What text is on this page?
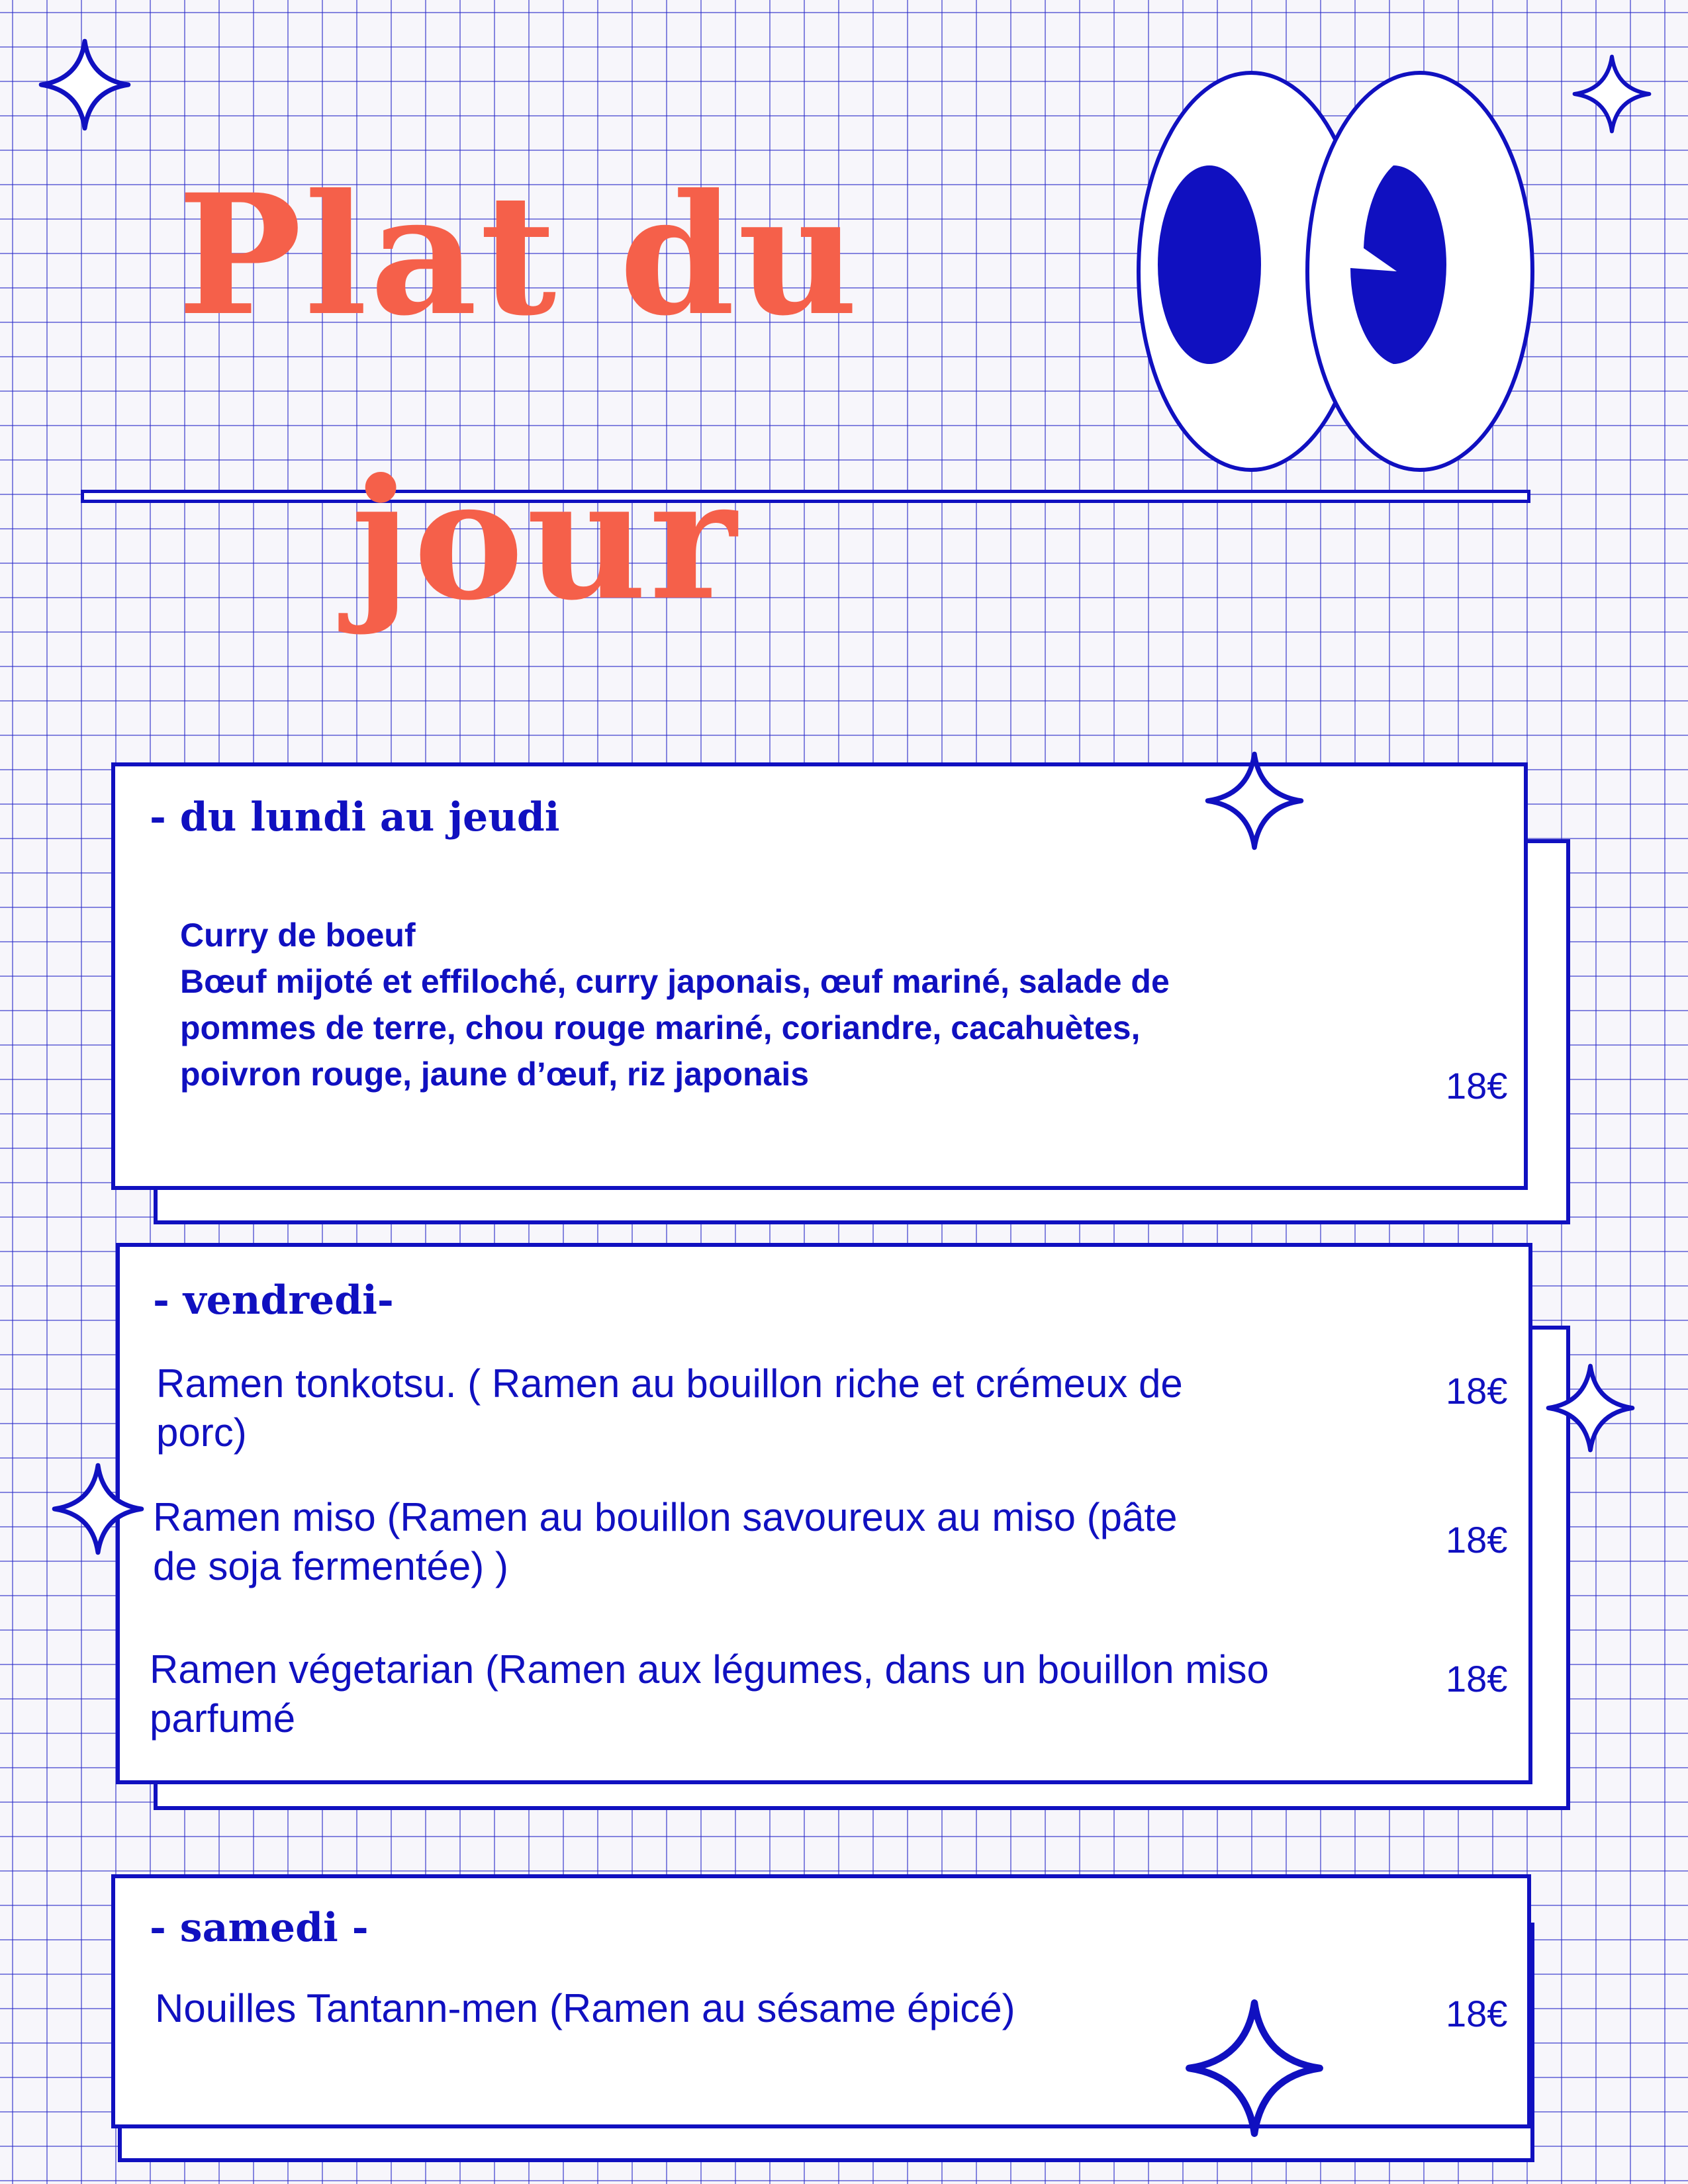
Plat du
jour
- du lundi au jeudi
Curry de boeuf
Bœuf mijoté et effiloché, curry japonais, œuf mariné, salade de
pommes de terre, chou rouge mariné, coriandre, cacahuètes,
poivron rouge, jaune d’œuf, riz japonais	18€
- vendredi-
Ramen tonkotsu. ( Ramen au bouillon riche et crémeux de
porc)
18€
Ramen miso (Ramen au bouillon savoureux au miso (pâte
de soja fermentée) )
18€
Ramen végetarian (Ramen aux légumes, dans un bouillon miso
parfumé
18€
- samedi -
Nouilles Tantann-men (Ramen au sésame épicé)	18€
